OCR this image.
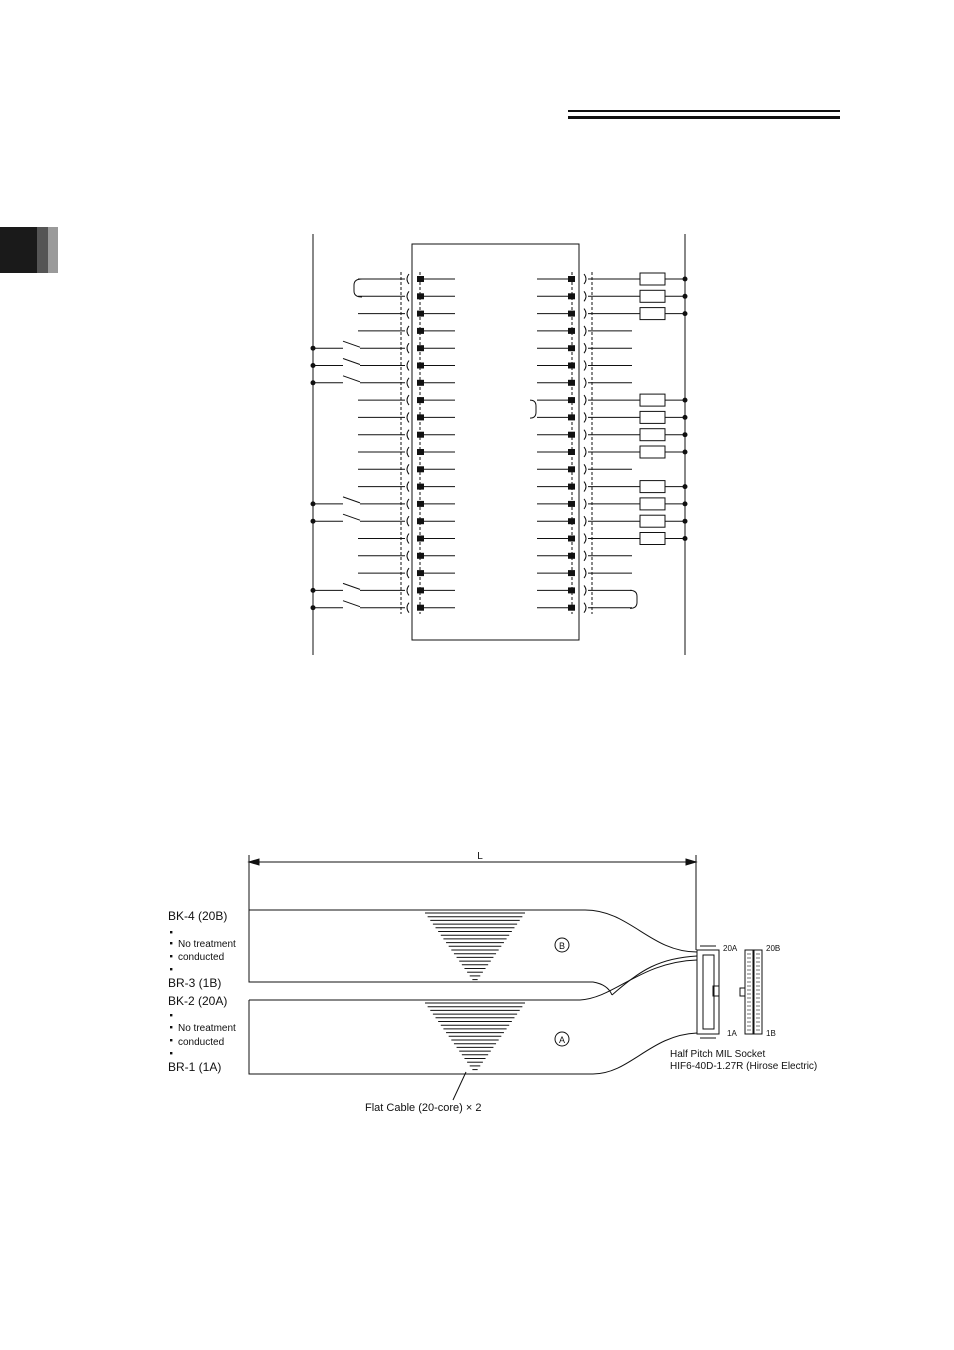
B
A
L
BK-4 (20B)
No treatment
conducted
BR-3 (1B)
BK-2 (20A)
No treatment
conducted
BR-1 (1A)
Flat Cable (20-core) × 2
20A	20B
1A	1B
Half Pitch MIL Socket
HIF6-40D-1.27R (Hirose Electric)
